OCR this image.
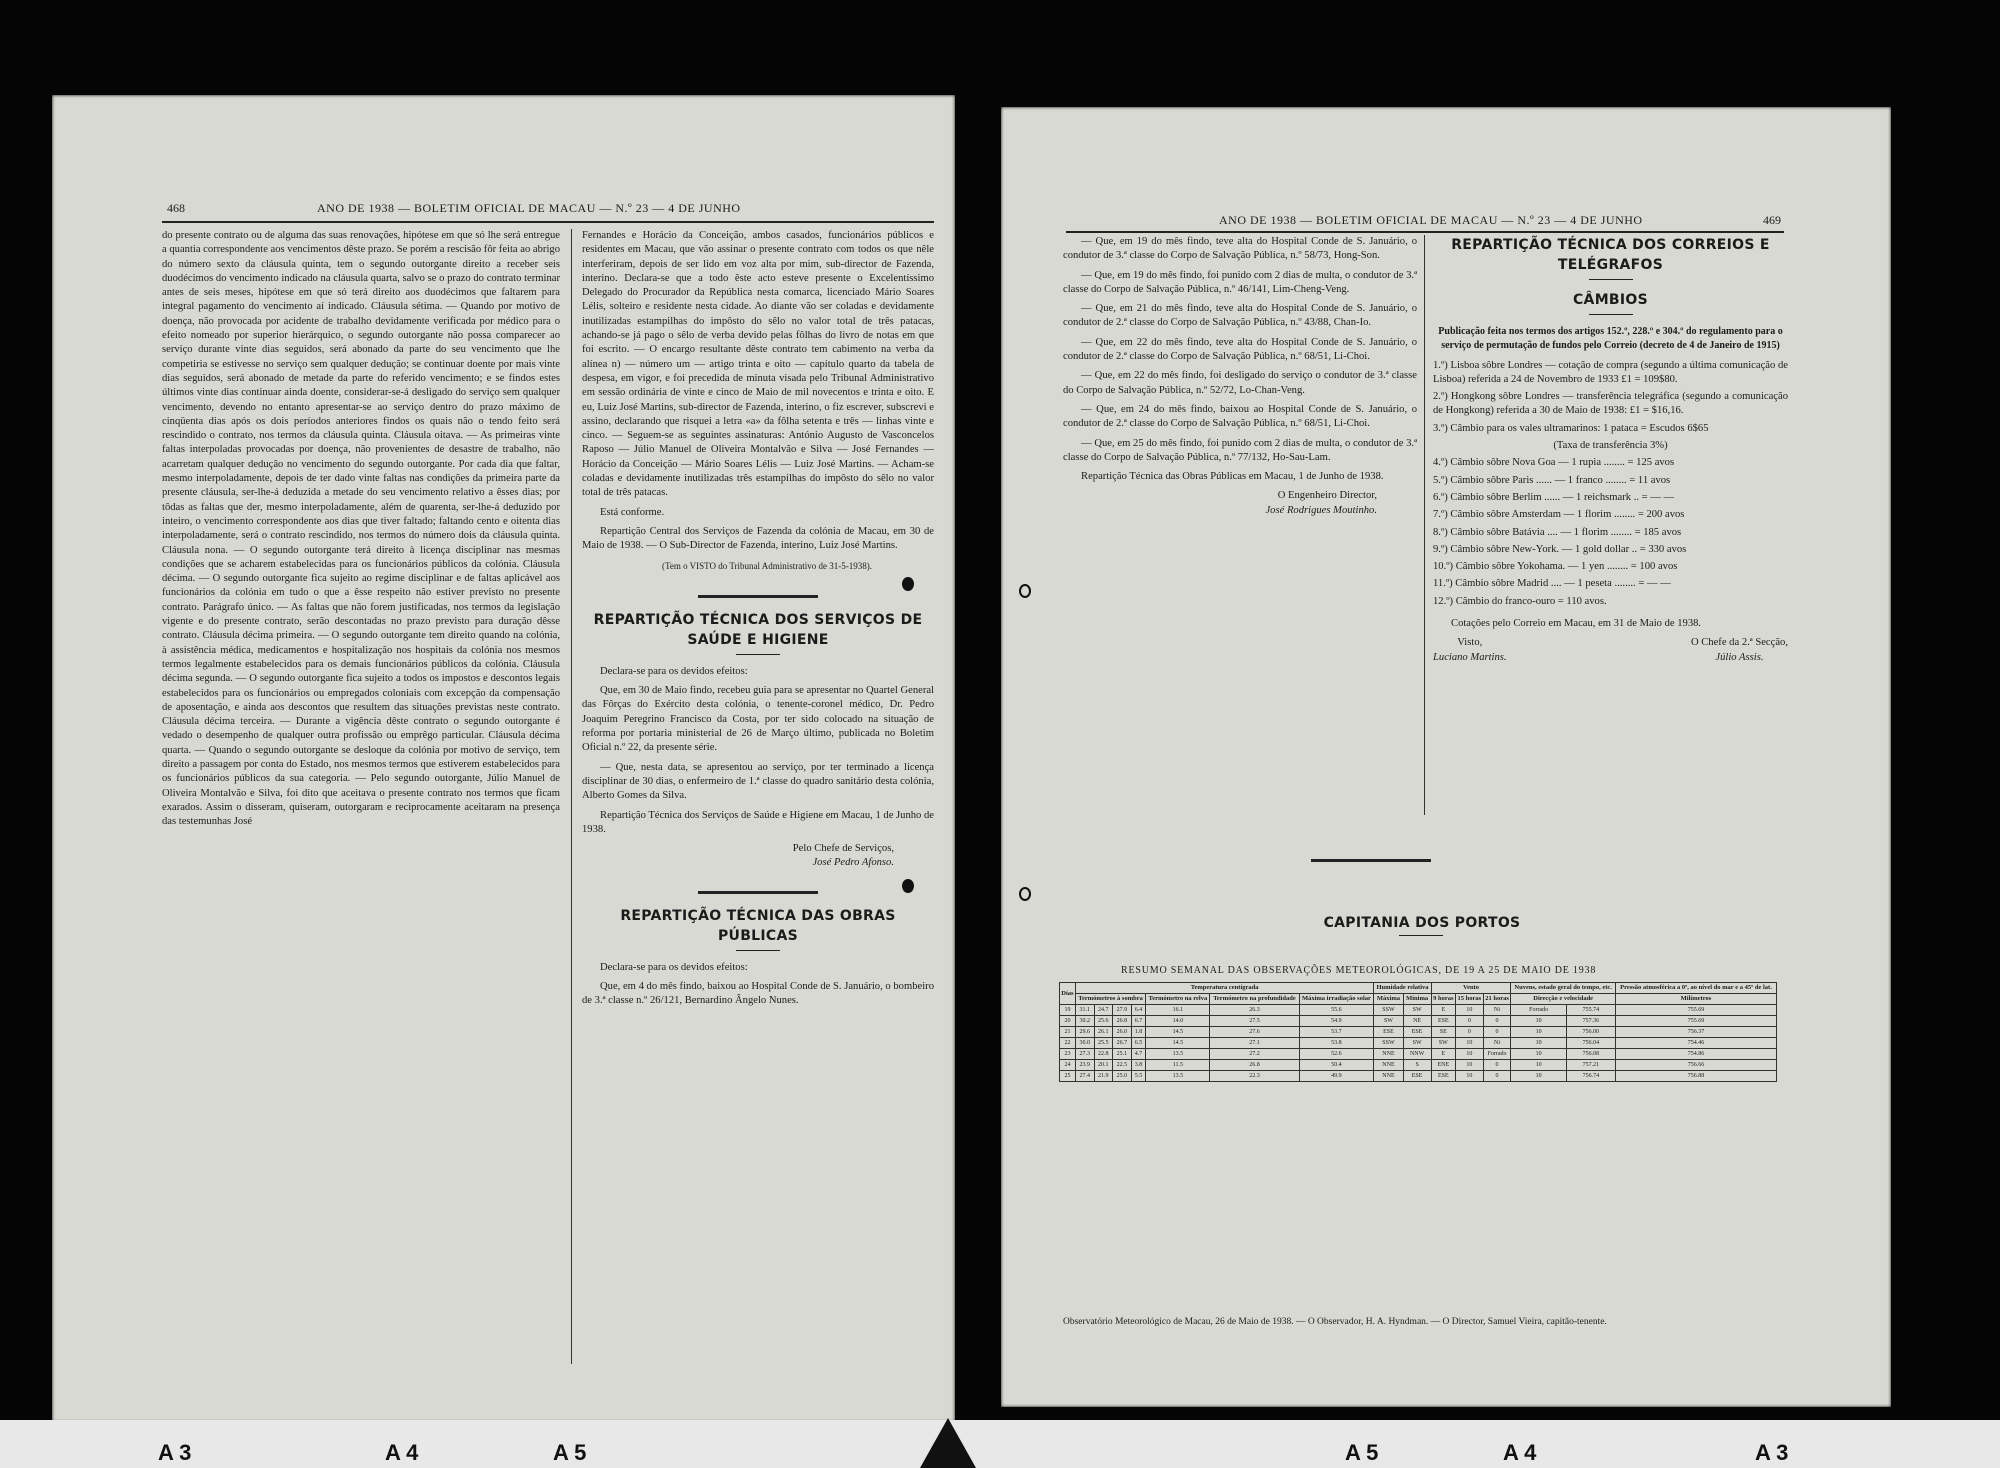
468	ANO DE 1938 — BOLETIM OFICIAL DE MACAU — N.º 23 — 4 DE JUNHO

do presente contrato ou de alguma das suas renovações, hipótese em que só lhe será entregue a quantia correspondente aos vencimentos dêste prazo. Se porém a rescisão fôr feita ao abrigo do número sexto da cláusula quinta, tem o segundo outorgante direito a receber seis duodécimos do vencimento indicado na cláusula quarta, salvo se o prazo do contrato terminar antes de seis meses, hipótese em que só terá direito aos duodécimos que faltarem para integral pagamento do vencimento aí indicado. Cláusula sétima. — Quando por motivo de doença, não provocada por acidente de trabalho devidamente verificada por médico para o efeito nomeado por superior hierárquico, o segundo outorgante não possa comparecer ao serviço durante vinte dias seguidos, será abonado da parte do seu vencimento que lhe competiria se estivesse no serviço sem qualquer dedução; se continuar doente por mais vinte dias seguidos, será abonado de metade da parte do referido vencimento; e se findos estes últimos vinte dias continuar ainda doente, considerar-se-á desligado do serviço sem qualquer vencimento, devendo no entanto apresentar-se ao serviço dentro do prazo máximo de cinqüenta dias após os dois períodos anteriores findos os quais não o tendo feito será rescindido o contrato, nos termos da cláusula quinta. Cláusula oitava. — As primeiras vinte faltas interpoladas provocadas por doença, não provenientes de desastre de trabalho, não acarretam qualquer dedução no vencimento do segundo outorgante. Por cada dia que faltar, mesmo interpoladamente, depois de ter dado vinte faltas nas condições da primeira parte da presente cláusula, ser-lhe-á deduzida a metade do seu vencimento relativo a êsses dias; por tôdas as faltas que der, mesmo interpoladamente, além de quarenta, ser-lhe-á deduzido por inteiro, o vencimento correspondente aos dias que tiver faltado; faltando cento e oitenta dias interpoladamente, será o contrato rescindido, nos termos do número dois da cláusula quinta. Cláusula nona. — O segundo outorgante terá direito à licença disciplinar nas mesmas condições que se acharem estabelecidas para os funcionários públicos da colónia. Cláusula décima. — O segundo outorgante fica sujeito ao regime disciplinar e de faltas aplicável aos funcionários da colónia em tudo o que a êsse respeito não estiver previsto no presente contrato. Parágrafo único. — As faltas que não forem justificadas, nos termos da legislação vigente e do presente contrato, serão descontadas no prazo previsto para duração dêsse contrato. Cláusula décima primeira. — O segundo outorgante tem direito quando na colónia, à assistência médica, medicamentos e hospitalização nos hospitais da colónia nos mesmos termos legalmente estabelecidos para os demais funcionários públicos da colónia. Cláusula décima segunda. — O segundo outorgante fica sujeito a todos os impostos e descontos legais estabelecidos para os funcionários ou empregados coloniais com excepção da compensação de aposentação, e ainda aos descontos que resultem das situações previstas neste contrato. Cláusula décima terceira. — Durante a vigência dêste contrato o segundo outorgante é vedado o desempenho de qualquer outra profissão ou emprêgo particular. Cláusula décima quarta. — Quando o segundo outorgante se desloque da colónia por motivo de serviço, tem direito a passagem por conta do Estado, nos mesmos termos que estiverem estabelecidos para os funcionários públicos da sua categoria. — Pelo segundo outorgante, Júlio Manuel de Oliveira Montalvão e Silva, foi dito que aceitava o presente contrato nos termos que ficam exarados. Assim o disseram, quiseram, outorgaram e reciprocamente aceitaram na presença das testemunhas José

Fernandes e Horácio da Conceição, ambos casados, funcionários públicos e residentes em Macau, que vão assinar o presente contrato com todos os que nêle interferiram, depois de ser lido em voz alta por mim, sub-director de Fazenda, interino. Declara-se que a todo êste acto esteve presente o Excelentíssimo Delegado do Procurador da República nesta comarca, licenciado Mário Soares Lélis, solteiro e residente nesta cidade. Ao diante vão ser coladas e devidamente inutilizadas estampilhas do impôsto do sêlo no valor total de três patacas, achando-se já pago o sêlo de verba devido pelas fôlhas do livro de notas em que foi escrito. — O encargo resultante dêste contrato tem cabimento na verba da alínea n) — número um — artigo trinta e oito — capítulo quarto da tabela de despesa, em vigor, e foi precedida de minuta visada pelo Tribunal Administrativo em sessão ordinária de vinte e cinco de Maio de mil novecentos e trinta e oito. E eu, Luiz José Martins, sub-director de Fazenda, interino, o fiz escrever, subscrevi e assino, declarando que risquei a letra «a» da fôlha setenta e três — linhas vinte e cinco. — Seguem-se as seguintes assinaturas: António Augusto de Vasconcelos Raposo — Júlio Manuel de Oliveira Montalvão e Silva — José Fernandes — Horácio da Conceição — Mário Soares Lélis — Luiz José Martins. — Acham-se coladas e devidamente inutilizadas três estampilhas do impôsto do sêlo no valor total de três patacas.

Está conforme.

Repartição Central dos Serviços de Fazenda da colónia de Macau, em 30 de Maio de 1938. — O Sub-Director de Fazenda, interino, Luiz José Martins.

(Tem o VISTO do Tribunal Administrativo de 31-5-1938).

REPARTIÇÃO TÉCNICA DOS SERVIÇOS DE SAÚDE E HIGIENE

Declara-se para os devidos efeitos:

Que, em 30 de Maio findo, recebeu guia para se apresentar no Quartel General das Fôrças do Exército desta colónia, o tenente-coronel médico, Dr. Pedro Joaquim Peregrino Francisco da Costa, por ter sido colocado na situação de reforma por portaria ministerial de 26 de Março último, publicada no Boletim Oficial n.º 22, da presente série.

— Que, nesta data, se apresentou ao serviço, por ter terminado a licença disciplinar de 30 dias, o enfermeiro de 1.ª classe do quadro sanitário desta colónia, Alberto Gomes da Silva.

Repartição Técnica dos Serviços de Saúde e Higiene em Macau, 1 de Junho de 1938.

Pelo Chefe de Serviços,

José Pedro Afonso.

REPARTIÇÃO TÉCNICA DAS OBRAS PÚBLICAS

Declara-se para os devidos efeitos:

Que, em 4 do mês findo, baixou ao Hospital Conde de S. Januário, o bombeiro de 3.ª classe n.º 26/121, Bernardino Ângelo Nunes.

ANO DE 1938 — BOLETIM OFICIAL DE MACAU — N.º 23 — 4 DE JUNHO	469

— Que, em 19 do mês findo, teve alta do Hospital Conde de S. Januário, o condutor de 3.ª classe do Corpo de Salvação Pública, n.º 58/73, Hong-Son.

— Que, em 19 do mês findo, foi punido com 2 dias de multa, o condutor de 3.ª classe do Corpo de Salvação Pública, n.º 46/141, Lim-Cheng-Veng.

— Que, em 21 do mês findo, teve alta do Hospital Conde de S. Januário, o condutor de 2.ª classe do Corpo de Salvação Pública, n.º 43/88, Chan-Io.

— Que, em 22 do mês findo, teve alta do Hospital Conde de S. Januário, o condutor de 2.ª classe do Corpo de Salvação Pública, n.º 68/51, Li-Choi.

— Que, em 22 do mês findo, foi desligado do serviço o condutor de 3.ª classe do Corpo de Salvação Pública, n.º 52/72, Lo-Chan-Veng.

— Que, em 24 do mês findo, baixou ao Hospital Conde de S. Januário, o condutor de 2.ª classe do Corpo de Salvação Pública, n.º 68/51, Li-Choi.

— Que, em 25 do mês findo, foi punido com 2 dias de multa, o condutor de 3.ª classe do Corpo de Salvação Pública, n.º 77/132, Ho-Sau-Lam.

Repartição Técnica das Obras Públicas em Macau, 1 de Junho de 1938.

O Engenheiro Director,

José Rodrigues Moutinho.

REPARTIÇÃO TÉCNICA DOS CORREIOS E TELÉGRAFOS
CÂMBIOS

Publicação feita nos termos dos artigos 152.º, 228.º e 304.º do regulamento para o serviço de permutação de fundos pelo Correio (decreto de 4 de Janeiro de 1915)

1.º) Lisboa sôbre Londres — cotação de compra (segundo a última comunicação de Lisboa) referida a 24 de Novembro de 1933 £1 = 109$80.
2.º) Hongkong sôbre Londres — transferência telegráfica (segundo a comunicação de Hongkong) referida a 30 de Maio de 1938: £1 = $16,16.
3.º) Câmbio para os vales ultramarinos: 1 pataca = Escudos 6$65
(Taxa de transferência 3%)
4.º) Câmbio sôbre Nova Goa — 1 rupia ........ = 125 avos
5.º) Câmbio sôbre Paris ...... — 1 franco ........ = 11 avos
6.º) Câmbio sôbre Berlim ...... — 1 reichsmark .. = — —
7.º) Câmbio sôbre Amsterdam — 1 florim ........ = 200 avos
8.º) Câmbio sôbre Batávia .... — 1 florim ........ = 185 avos
9.º) Câmbio sôbre New-York. — 1 gold dollar .. = 330 avos
10.º) Câmbio sôbre Yokohama. — 1 yen ........ = 100 avos
11.º) Câmbio sôbre Madrid .... — 1 peseta ........ = — —
12.º) Câmbio do franco-ouro = 110 avos.

Cotações pelo Correio em Macau, em 31 de Maio de 1938.

Visto,
Luciano Martins.
O Chefe da 2.ª Secção,
Júlio Assis.
CAPITANIA DOS PORTOS
RESUMO SEMANAL DAS OBSERVAÇÕES METEOROLÓGICAS, DE 19 A 25 DE MAIO DE 1938
Dias	Temperatura centígrada							Humidade relativa		Vento			Nuvens, estado geral do tempo, etc.		Pressão atmosférica a 0º, ao nível do mar e a 45º de lat.
	Termómetros à sombra				Termómetro na relva	Termómetro na profundidade	Máxima irradiação solar	Máxima	Mínima	9 horas	15 horas	21 horas	Direcção e velocidade		Milímetros
19	31.1	24.7	27.9	6.4	16.1	26.3	55.6	SSW	SW	E	10	Ni	Forrado	755.74	755.69
20	30.2	25.6	26.8	6.7	14.0	27.5	54.9	SW	NE	ESE	0	0	10	757.36	755.69
21	29.6	26.1	26.0	1.8	14.5	27.6	53.7	ESE	ESE	SE	0	0	10	756.00	756.37
22	30.0	25.5	26.7	6.5	14.5	27.1	53.8	SSW	SW	SW	10	Ni	10	756.04	754.46
23	27.3	22.8	25.1	4.7	13.5	27.2	52.6	NNE	NNW	E	10	Forrado	10	756.08	754.86
24	23.9	20.1	22.5	3.8	11.5	26.8	50.4	NNE	S	ENE	10	0	10	757.21	756.66
25	27.4	21.9	25.0	5.5	13.5	22.3	49.9	NNE	ESE	ESE	10	0	10	756.74	756.88
Observatório Meteorológico de Macau, 26 de Maio de 1938. — O Observador, H. A. Hyndman. — O Director, Samuel Vieira, capitão-tenente.
A 3	A 4	A 5	A 5	A 4	A 3
